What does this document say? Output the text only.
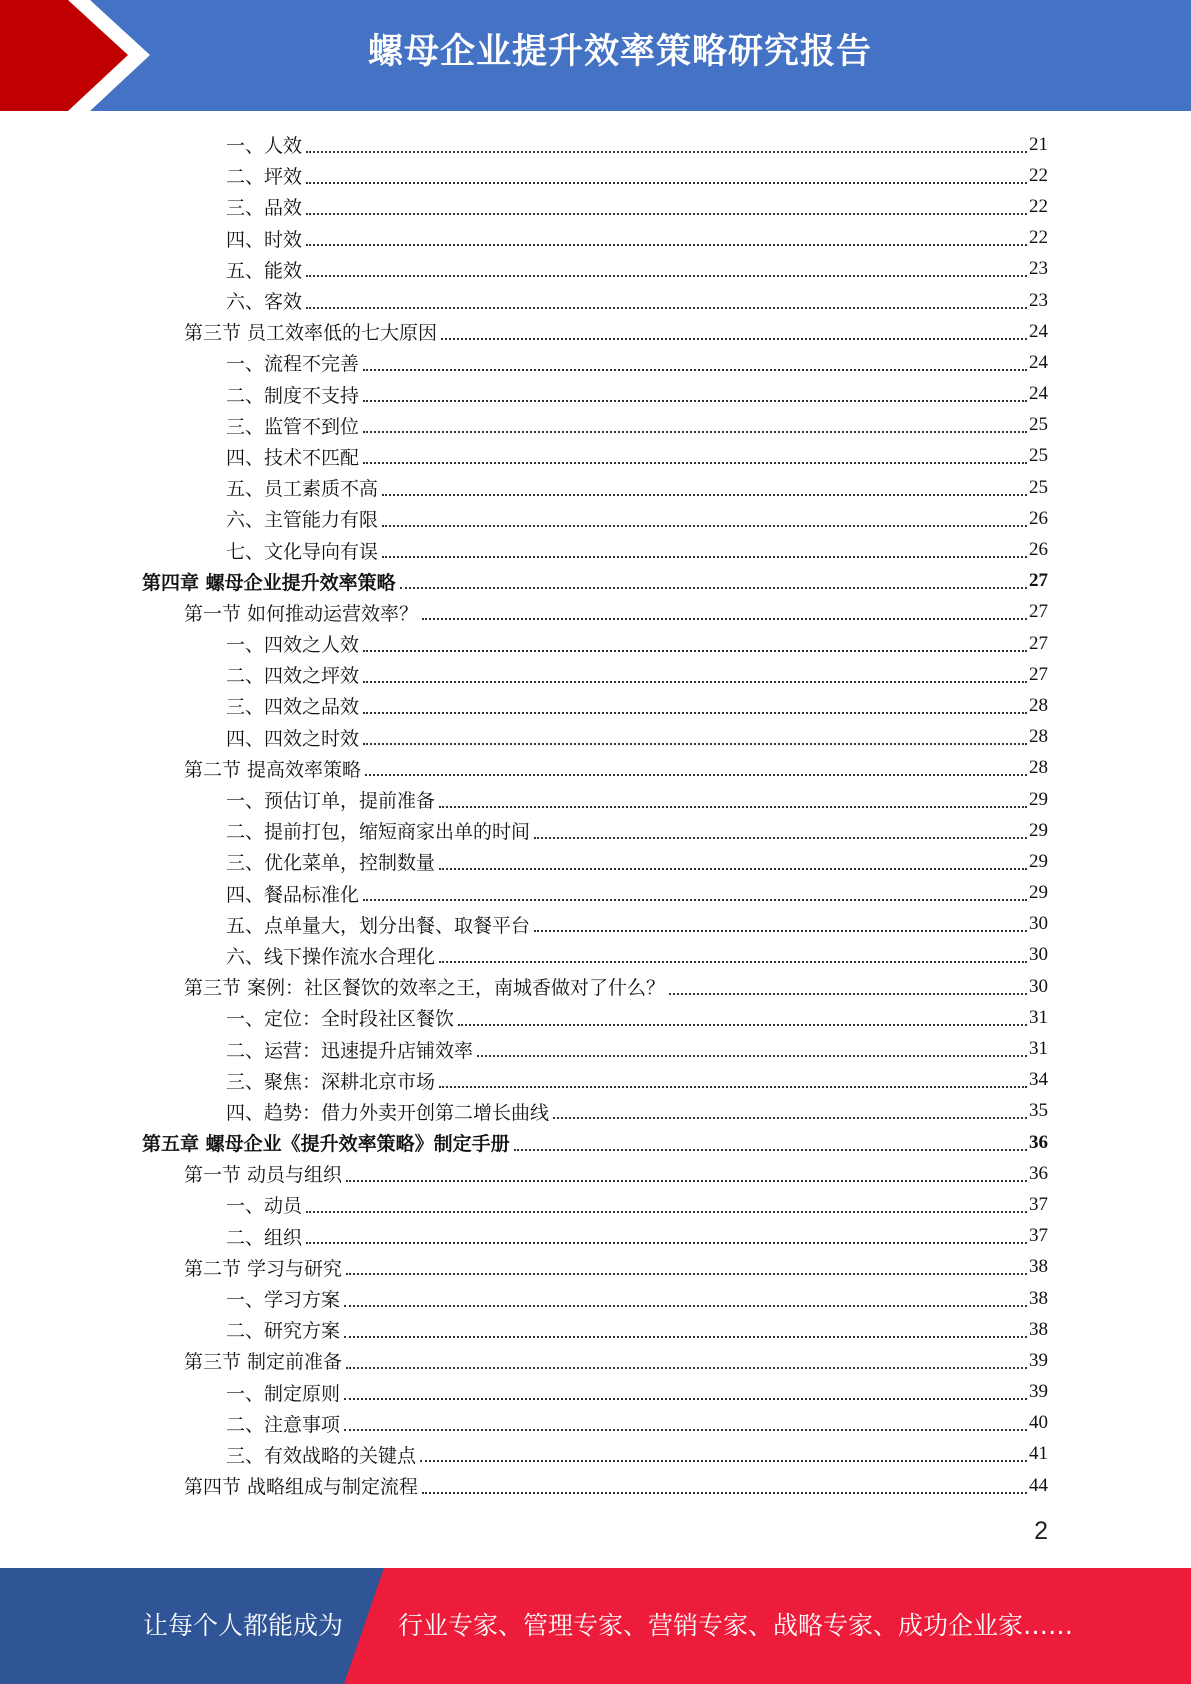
螺母企业提升效率策略研究报告
一、人效	21
二、坪效	22
三、品效	22
四、时效	22
五、能效	23
六、客效	23
第三节 员工效率低的七大原因	24
一、流程不完善	24
二、制度不支持	24
三、监管不到位	25
四、技术不匹配	25
五、员工素质不高	25
六、主管能力有限	26
七、文化导向有误	26
第四章 螺母企业提升效率策略	27
第一节 如何推动运营效率？	27
一、四效之人效	27
二、四效之坪效	27
三、四效之品效	28
四、四效之时效	28
第二节 提高效率策略	28
一、预估订单，提前准备	29
二、提前打包，缩短商家出单的时间	29
三、优化菜单，控制数量	29
四、餐品标准化	29
五、点单量大，划分出餐、取餐平台	30
六、线下操作流水合理化	30
第三节 案例：社区餐饮的效率之王，南城香做对了什么？	30
一、定位：全时段社区餐饮	31
二、运营：迅速提升店铺效率	31
三、聚焦：深耕北京市场	34
四、趋势：借力外卖开创第二增长曲线	35
第五章 螺母企业《提升效率策略》制定手册	36
第一节 动员与组织	36
一、动员	37
二、组织	37
第二节 学习与研究	38
一、学习方案	38
二、研究方案	38
第三节 制定前准备	39
一、制定原则	39
二、注意事项	40
三、有效战略的关键点	41
第四节 战略组成与制定流程	44
2
让每个人都能成为 行业专家、管理专家、营销专家、战略专家、成功企业家……
